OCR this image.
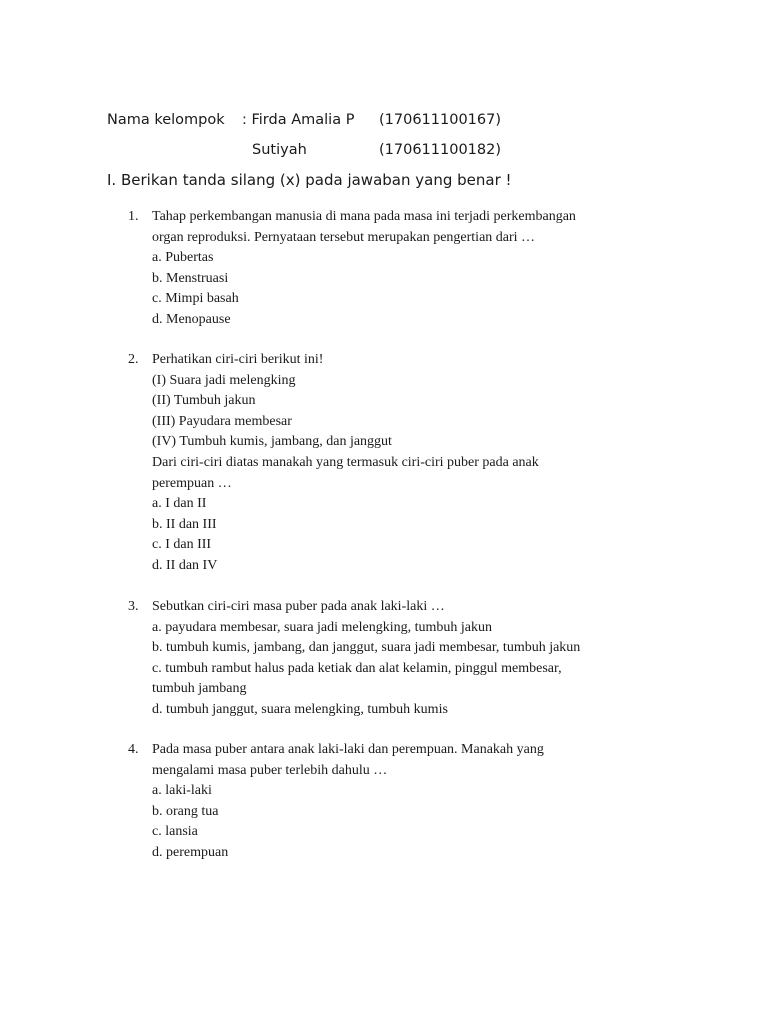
Nama kelompok : Firda Amalia P (170611100167)
Sutiyah	(170611100182)
I. Berikan tanda silang (x) pada jawaban yang benar !
1. Tahap perkembangan manusia di mana pada masa ini terjadi perkembangan
organ reproduksi. Pernyataan tersebut merupakan pengertian dari …
a. Pubertas
b. Menstruasi
c. Mimpi basah
d. Menopause
2. Perhatikan ciri-ciri berikut ini!
(I) Suara jadi melengking
(II) Tumbuh jakun
(III) Payudara membesar
(IV) Tumbuh kumis, jambang, dan janggut
Dari ciri-ciri diatas manakah yang termasuk ciri-ciri puber pada anak
perempuan …
a. I dan II
b. II dan III
c. I dan III
d. II dan IV
3. Sebutkan ciri-ciri masa puber pada anak laki-laki …
a. payudara membesar, suara jadi melengking, tumbuh jakun
b. tumbuh kumis, jambang, dan janggut, suara jadi membesar, tumbuh jakun
c. tumbuh rambut halus pada ketiak dan alat kelamin, pinggul membesar,
tumbuh jambang
d. tumbuh janggut, suara melengking, tumbuh kumis
4. Pada masa puber antara anak laki-laki dan perempuan. Manakah yang
mengalami masa puber terlebih dahulu …
a. laki-laki
b. orang tua
c. lansia
d. perempuan
